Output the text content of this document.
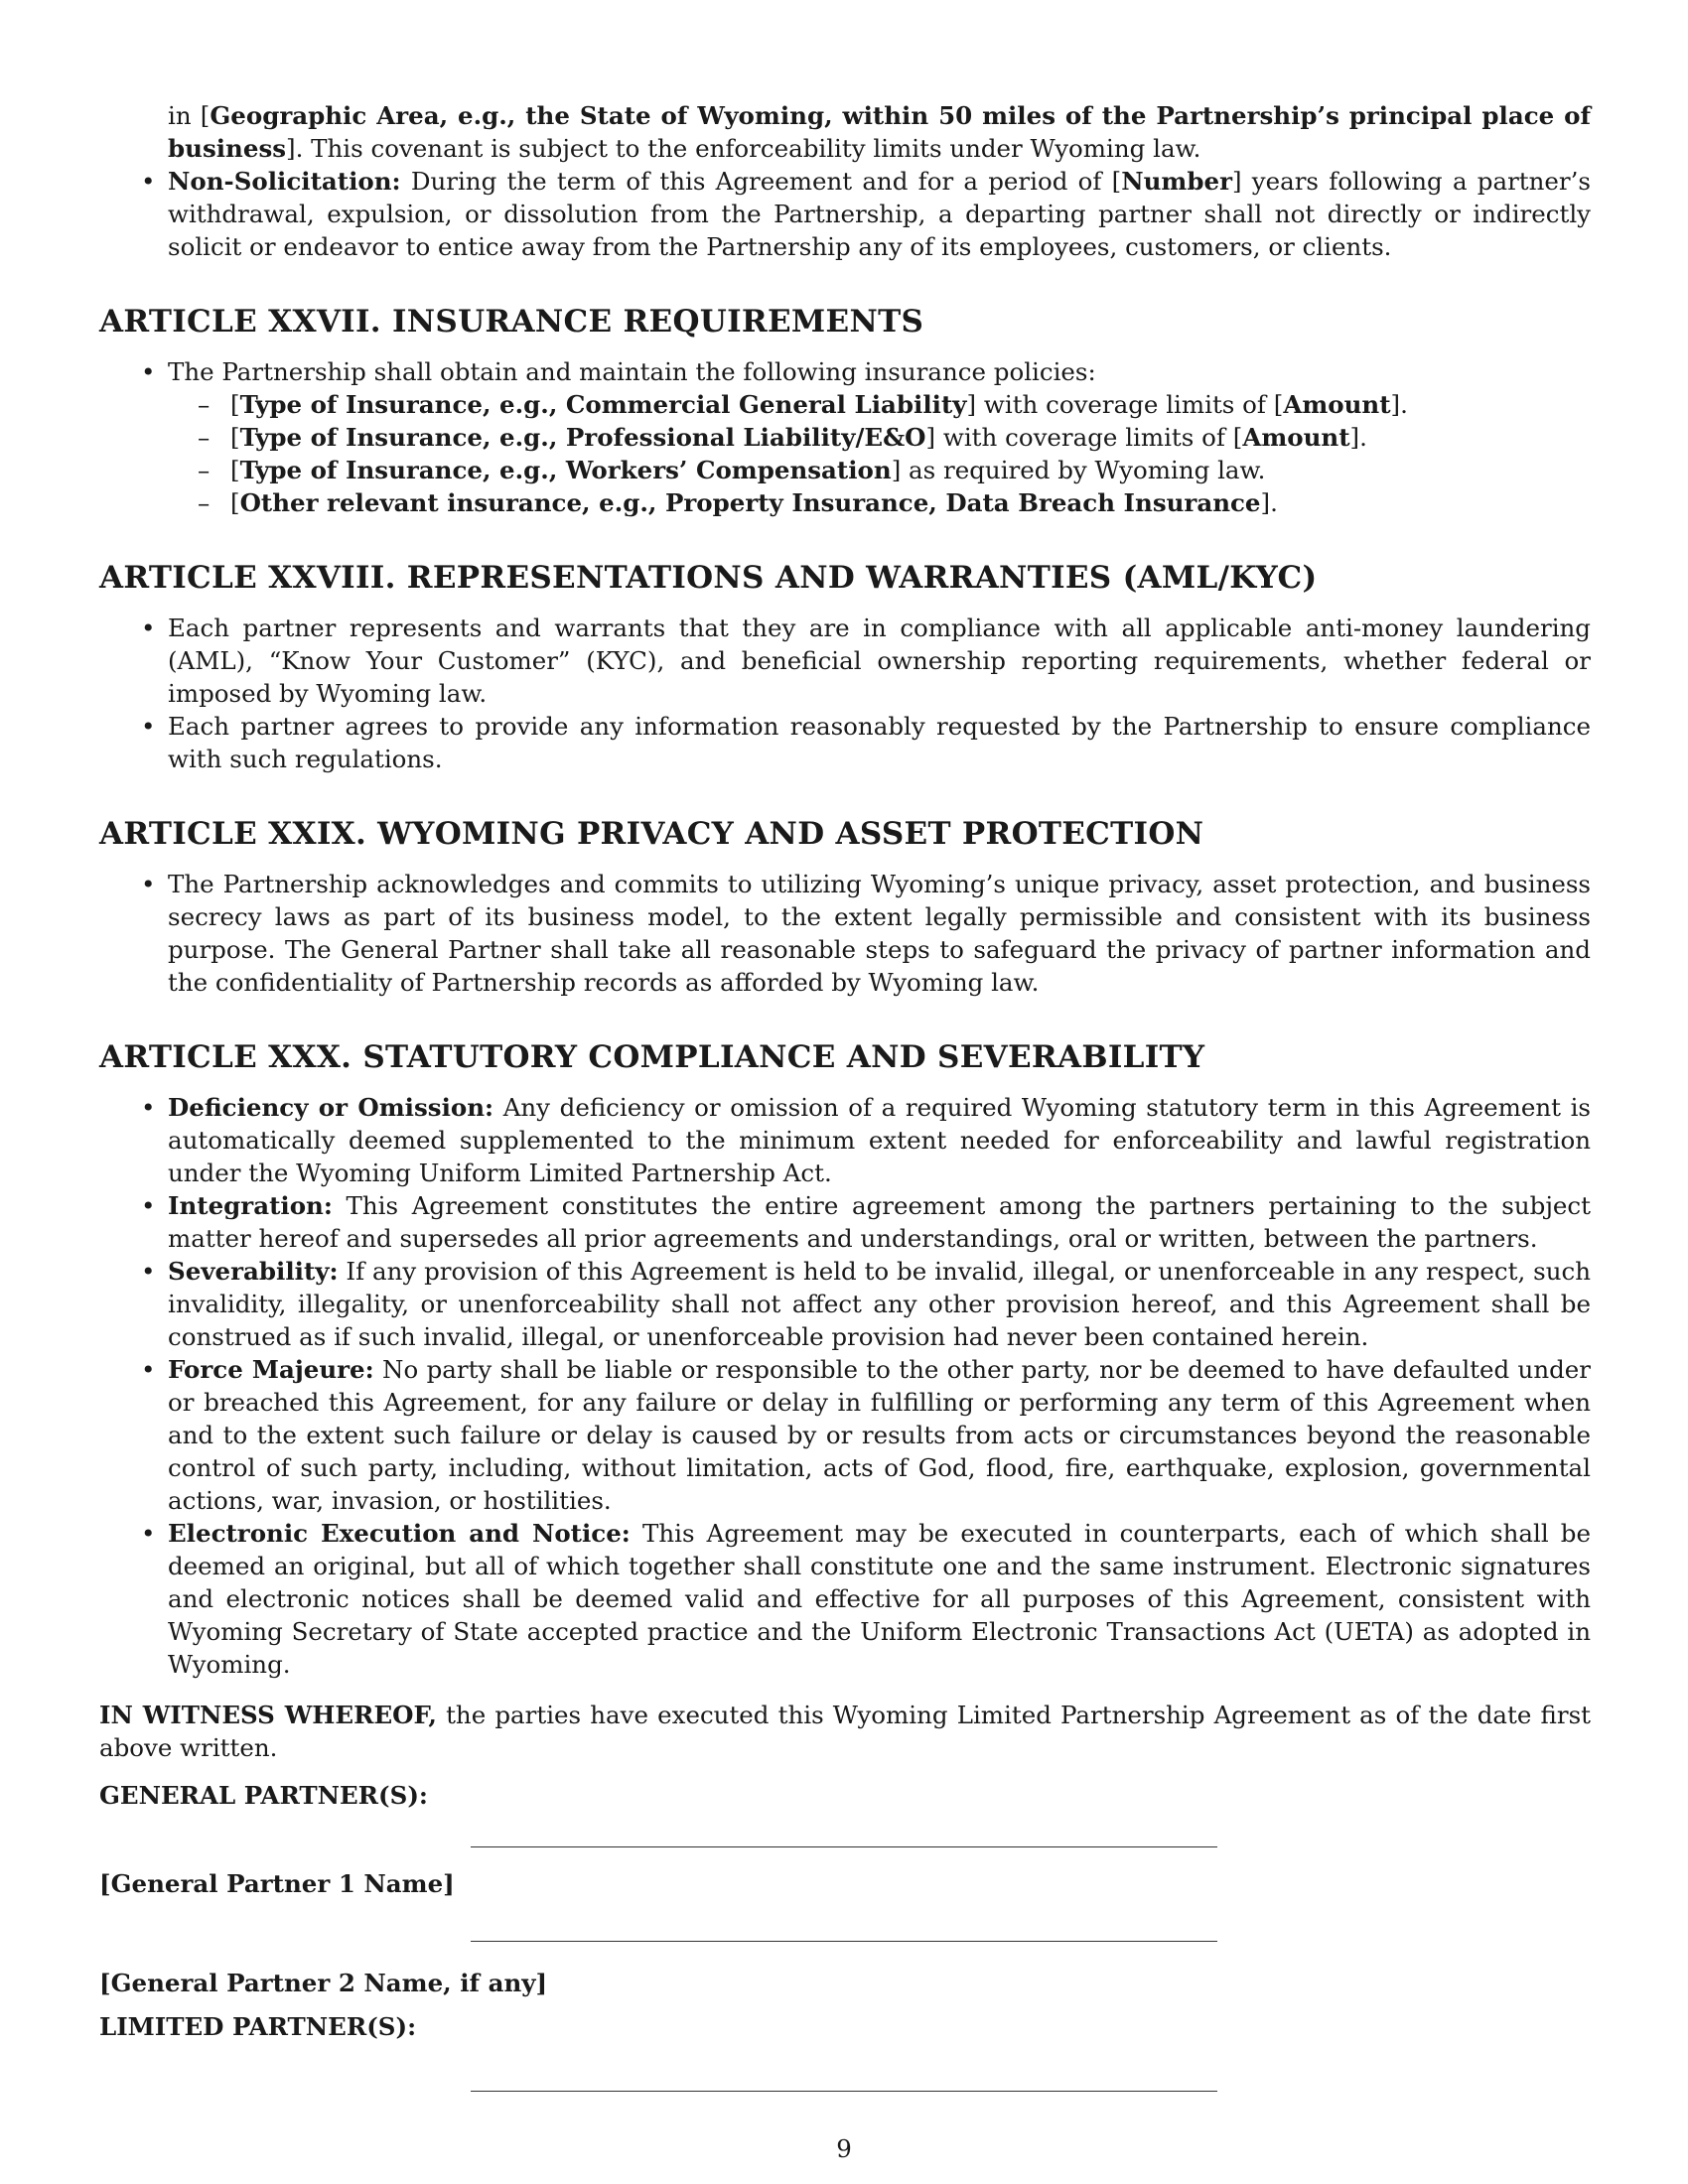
in [Geographic Area, e.g., the State of Wyoming, within 50 miles of the Partnership’s principal place of business]. This covenant is subject to the enforceability limits under Wyoming law.
• Non-Solicitation: During the term of this Agreement and for a period of [Number] years following a partner’s withdrawal, expulsion, or dissolution from the Partnership, a departing partner shall not directly or indirectly solicit or endeavor to entice away from the Partnership any of its employees, customers, or clients.
ARTICLE XXVII. INSURANCE REQUIREMENTS
• The Partnership shall obtain and maintain the following insurance policies:
– [Type of Insurance, e.g., Commercial General Liability] with coverage limits of [Amount].
– [Type of Insurance, e.g., Professional Liability/E&O] with coverage limits of [Amount].
– [Type of Insurance, e.g., Workers’ Compensation] as required by Wyoming law.
– [Other relevant insurance, e.g., Property Insurance, Data Breach Insurance].
ARTICLE XXVIII. REPRESENTATIONS AND WARRANTIES (AML/KYC)
• Each partner represents and warrants that they are in compliance with all applicable anti-money laundering (AML), “Know Your Customer” (KYC), and beneficial ownership reporting requirements, whether federal or imposed by Wyoming law.
• Each partner agrees to provide any information reasonably requested by the Partnership to ensure compliance with such regulations.
ARTICLE XXIX. WYOMING PRIVACY AND ASSET PROTECTION
• The Partnership acknowledges and commits to utilizing Wyoming’s unique privacy, asset protection, and business secrecy laws as part of its business model, to the extent legally permissible and consistent with its business purpose. The General Partner shall take all reasonable steps to safeguard the privacy of partner information and the confidentiality of Partnership records as afforded by Wyoming law.
ARTICLE XXX. STATUTORY COMPLIANCE AND SEVERABILITY
• Deficiency or Omission: Any deficiency or omission of a required Wyoming statutory term in this Agreement is automatically deemed supplemented to the minimum extent needed for enforceability and lawful registration under the Wyoming Uniform Limited Partnership Act.
• Integration: This Agreement constitutes the entire agreement among the partners pertaining to the subject matter hereof and supersedes all prior agreements and understandings, oral or written, between the partners.
• Severability: If any provision of this Agreement is held to be invalid, illegal, or unenforceable in any respect, such invalidity, illegality, or unenforceability shall not affect any other provision hereof, and this Agreement shall be construed as if such invalid, illegal, or unenforceable provision had never been contained herein.
• Force Majeure: No party shall be liable or responsible to the other party, nor be deemed to have defaulted under or breached this Agreement, for any failure or delay in fulfilling or performing any term of this Agreement when and to the extent such failure or delay is caused by or results from acts or circumstances beyond the reasonable control of such party, including, without limitation, acts of God, flood, fire, earthquake, explosion, governmental actions, war, invasion, or hostilities.
• Electronic Execution and Notice: This Agreement may be executed in counterparts, each of which shall be deemed an original, but all of which together shall constitute one and the same instrument. Electronic signatures and electronic notices shall be deemed valid and effective for all purposes of this Agreement, consistent with Wyoming Secretary of State accepted practice and the Uniform Electronic Transactions Act (UETA) as adopted in Wyoming.
IN WITNESS WHEREOF, the parties have executed this Wyoming Limited Partnership Agreement as of the date first above written.
GENERAL PARTNER(S):
[General Partner 1 Name]
[General Partner 2 Name, if any]
LIMITED PARTNER(S):
9
